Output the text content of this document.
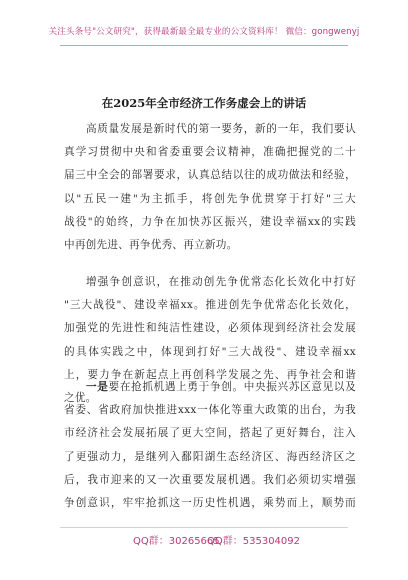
关注头条号"公文研究"，获得最新最全最专业的公文资料库！ 微信：gongwenyj
在2025年全市经济工作务虚会上的讲话
高质量发展是新时代的第一要务，新的一年，我们要认
真学习贯彻中央和省委重要会议精神，准确把握党的二十
届三中全会的部署要求，认真总结以往的成功做法和经验，
以"五民一建"为主抓手，将创先争优贯穿于打好"三大
战役"的始终，力争在加快苏区振兴，建设幸福xx的实践
中再创先进、再争优秀、再立新功。
增强争创意识，在推动创先争优常态化长效化中打好
"三大战役"、建设幸福xx。推进创先争优常态化长效化，
加强党的先进性和纯洁性建设，必须体现到经济社会发展
的具体实践之中，体现到打好"三大战役"、建设幸福xx
上，要力争在新起点上再创科学发展之先、再争社会和谐
之优。
一是要在抢抓机遇上勇于争创。中央振兴苏区意见以及
省委、省政府加快推进xxx一体化等重大政策的出台，为我
市经济社会发展拓展了更大空间，搭起了更好舞台，注入
了更强动力，是继列入鄱阳湖生态经济区、海西经济区之
后，我市迎来的又一次重要发展机遇。我们必须切实增强
争创意识，牢牢抢抓这一历史性机遇，乘势而上，顺势而
QQ群：30265665
QQ群：535304092
